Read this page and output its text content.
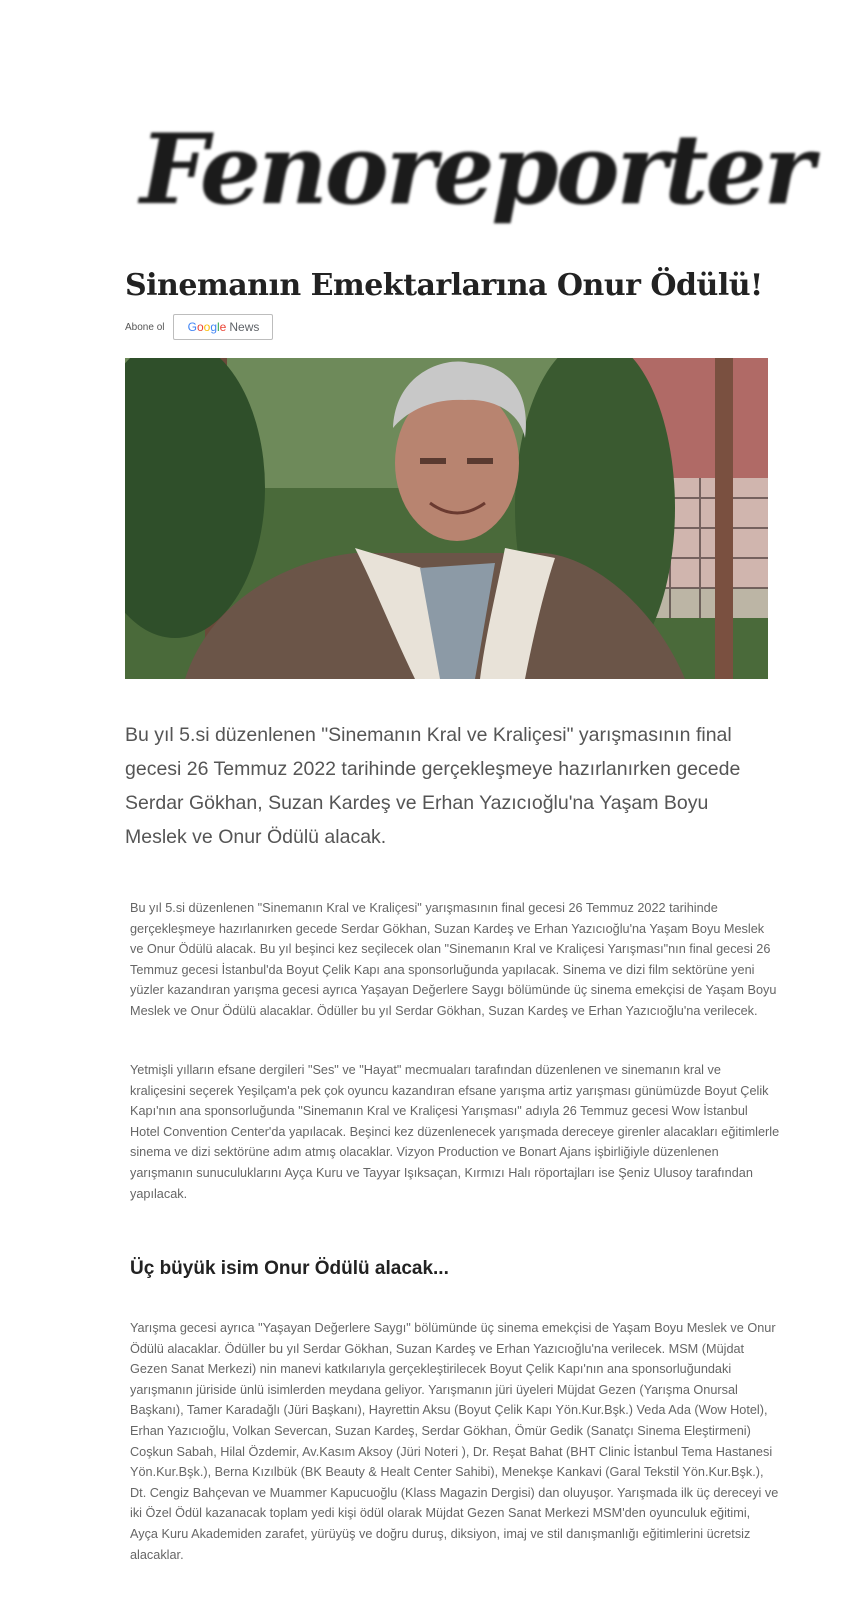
Fenoreporter
Sinemanın Emektarlarına Onur Ödülü!
Abone ol Google News

Bu yıl 5.si düzenlenen "Sinemanın Kral ve Kraliçesi" yarışmasının final gecesi 26 Temmuz 2022 tarihinde gerçekleşmeye hazırlanırken gecede Serdar Gökhan, Suzan Kardeş ve Erhan Yazıcıoğlu'na Yaşam Boyu Meslek ve Onur Ödülü alacak.

Bu yıl 5.si düzenlenen "Sinemanın Kral ve Kraliçesi" yarışmasının final gecesi 26 Temmuz 2022 tarihinde gerçekleşmeye hazırlanırken gecede Serdar Gökhan, Suzan Kardeş ve Erhan Yazıcıoğlu'na Yaşam Boyu Meslek ve Onur Ödülü alacak. Bu yıl beşinci kez seçilecek olan "Sinemanın Kral ve Kraliçesi Yarışması"nın final gecesi 26 Temmuz gecesi İstanbul'da Boyut Çelik Kapı ana sponsorluğunda yapılacak. Sinema ve dizi film sektörüne yeni yüzler kazandıran yarışma gecesi ayrıca Yaşayan Değerlere Saygı bölümünde üç sinema emekçisi de Yaşam Boyu Meslek ve Onur Ödülü alacaklar. Ödüller bu yıl Serdar Gökhan, Suzan Kardeş ve Erhan Yazıcıoğlu'na verilecek.

Yetmişli yılların efsane dergileri "Ses" ve "Hayat" mecmuaları tarafından düzenlenen ve sinemanın kral ve kraliçesini seçerek Yeşilçam'a pek çok oyuncu kazandıran efsane yarışma artiz yarışması günümüzde Boyut Çelik Kapı'nın ana sponsorluğunda "Sinemanın Kral ve Kraliçesi Yarışması" adıyla 26 Temmuz gecesi Wow İstanbul Hotel Convention Center'da yapılacak. Beşinci kez düzenlenecek yarışmada dereceye girenler alacakları eğitimlerle sinema ve dizi sektörüne adım atmış olacaklar. Vizyon Production ve Bonart Ajans işbirliğiyle düzenlenen yarışmanın sunuculuklarını Ayça Kuru ve Tayyar Işıksaçan, Kırmızı Halı röportajları ise Şeniz Ulusoy tarafından yapılacak.

Üç büyük isim Onur Ödülü alacak...

Yarışma gecesi ayrıca "Yaşayan Değerlere Saygı" bölümünde üç sinema emekçisi de Yaşam Boyu Meslek ve Onur Ödülü alacaklar. Ödüller bu yıl Serdar Gökhan, Suzan Kardeş ve Erhan Yazıcıoğlu'na verilecek. MSM (Müjdat Gezen Sanat Merkezi) nin manevi katkılarıyla gerçekleştirilecek Boyut Çelik Kapı'nın ana sponsorluğundaki yarışmanın jüriside ünlü isimlerden meydana geliyor. Yarışmanın jüri üyeleri Müjdat Gezen (Yarışma Onursal Başkanı), Tamer Karadağlı (Jüri Başkanı), Hayrettin Aksu (Boyut Çelik Kapı Yön.Kur.Bşk.) Veda Ada (Wow Hotel), Erhan Yazıcıoğlu, Volkan Severcan, Suzan Kardeş, Serdar Gökhan, Ömür Gedik (Sanatçı Sinema Eleştirmeni) Coşkun Sabah, Hilal Özdemir, Av.Kasım Aksoy (Jüri Noteri ), Dr. Reşat Bahat (BHT Clinic İstanbul Tema Hastanesi Yön.Kur.Bşk.), Berna Kızılbük (BK Beauty & Healt Center Sahibi), Menekşe Kankavi (Garal Tekstil Yön.Kur.Bşk.), Dt. Cengiz Bahçevan ve Muammer Kapucuoğlu (Klass Magazin Dergisi) dan oluyuşor. Yarışmada ilk üç dereceyi ve iki Özel Ödül kazanacak toplam yedi kişi ödül olarak Müjdat Gezen Sanat Merkezi MSM'den oyunculuk eğitimi, Ayça Kuru Akademiden zarafet, yürüyüş ve doğru duruş, diksiyon, imaj ve stil danışmanlığı eğitimlerini ücretsiz alacaklar.
